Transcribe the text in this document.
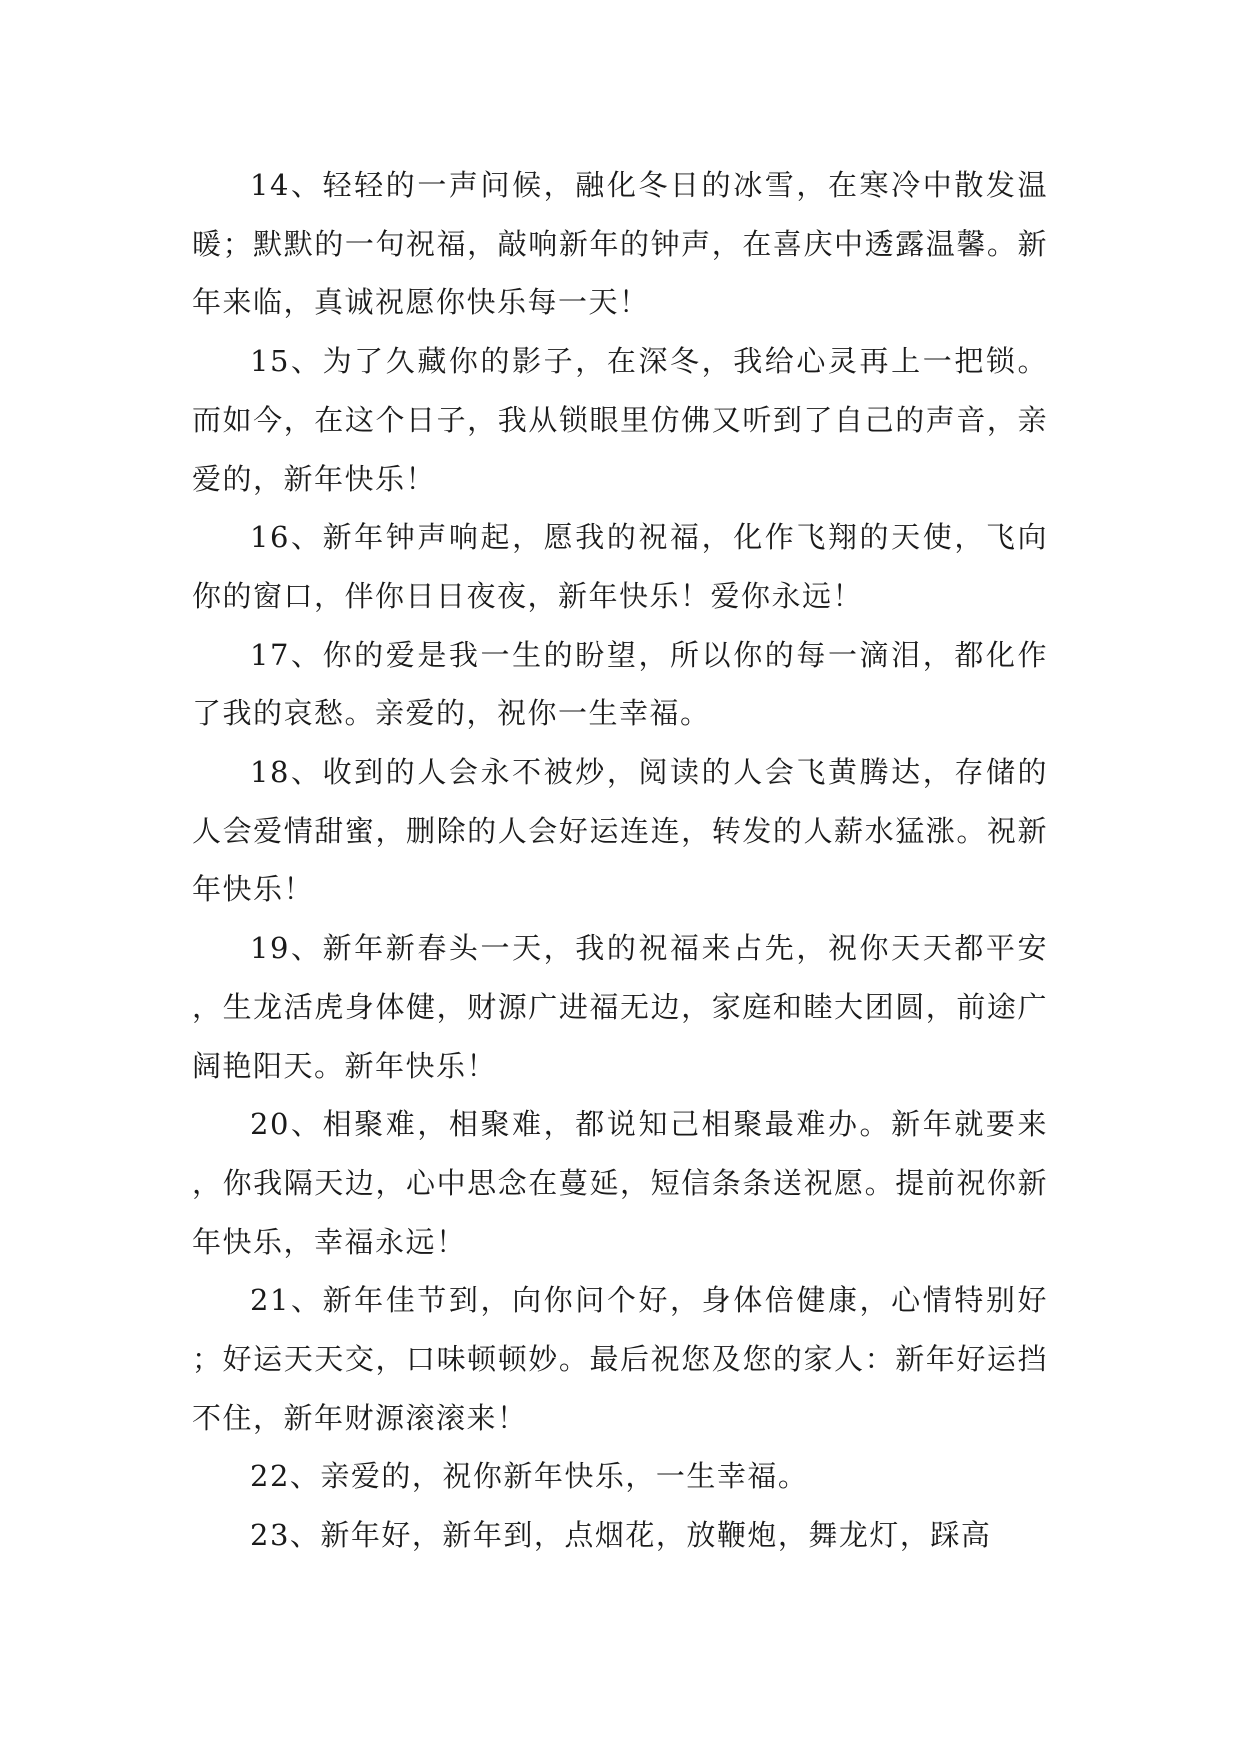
14、轻轻的一声问候，融化冬日的冰雪，在寒冷中散发温暖；默默的一句祝福，敲响新年的钟声，在喜庆中透露温馨。新年来临，真诚祝愿你快乐每一天！

15、为了久藏你的影子，在深冬，我给心灵再上一把锁。而如今，在这个日子，我从锁眼里仿佛又听到了自己的声音，亲爱的，新年快乐！

16、新年钟声响起，愿我的祝福，化作飞翔的天使，飞向你的窗口，伴你日日夜夜，新年快乐！爱你永远！

17、你的爱是我一生的盼望，所以你的每一滴泪，都化作了我的哀愁。亲爱的，祝你一生幸福。

18、收到的人会永不被炒，阅读的人会飞黄腾达，存储的人会爱情甜蜜，删除的人会好运连连，转发的人薪水猛涨。祝新年快乐！

19、新年新春头一天，我的祝福来占先，祝你天天都平安，生龙活虎身体健，财源广进福无边，家庭和睦大团圆，前途广阔艳阳天。新年快乐！

20、相聚难，相聚难，都说知己相聚最难办。新年就要来，你我隔天边，心中思念在蔓延，短信条条送祝愿。提前祝你新年快乐，幸福永远！

21、新年佳节到，向你问个好，身体倍健康，心情特别好；好运天天交，口味顿顿妙。最后祝您及您的家人：新年好运挡不住，新年财源滚滚来！

22、亲爱的，祝你新年快乐，一生幸福。

23、新年好，新年到，点烟花，放鞭炮，舞龙灯，踩高
